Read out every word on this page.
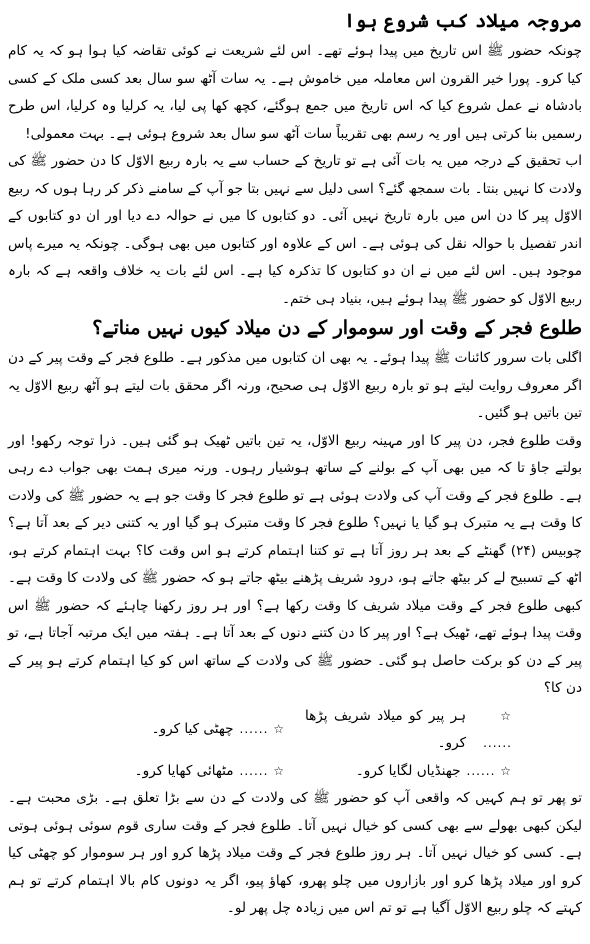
مروجہ میلاد کب شروع ہوا

چونکہ حضور ﷺ اس تاریخ میں پیدا ہوئے تھے۔ اس لئے شریعت نے کوئی تقاضہ کیا ہوا ہو کہ یہ کام کیا کرو۔ پورا خیر القرون اس معاملہ میں خاموش ہے۔ یہ سات آٹھ سو سال بعد کسی ملک کے کسی بادشاہ نے عمل شروع کیا کہ اس تاریخ میں جمع ہوگئے، کچھ کھا پی لیا، یہ کرلیا وہ کرلیا، اس طرح رسمیں بنا کرتی ہیں اور یہ رسم بھی تقریباً سات آٹھ سو سال بعد شروع ہوئی ہے۔ بہت معمولی!

اب تحقیق کے درجہ میں یہ بات آئی ہے تو تاریخ کے حساب سے یہ بارہ ربیع الاوّل کا دن حضور ﷺ کی ولادت کا نہیں بنتا۔ بات سمجھ گئے؟ اسی دلیل سے نہیں بتا جو آپ کے سامنے ذکر کر رہا ہوں کہ ربیع الاوّل پیر کا دن اس میں بارہ تاریخ نہیں آئی۔ دو کتابوں کا میں نے حوالہ دے دیا اور ان دو کتابوں کے اندر تفصیل با حوالہ نقل کی ہوئی ہے۔ اس کے علاوہ اور کتابوں میں بھی ہوگی۔ چونکہ یہ میرے پاس موجود ہیں۔ اس لئے میں نے ان دو کتابوں کا تذکرہ کیا ہے۔ اس لئے بات یہ خلاف واقعہ ہے کہ بارہ ربیع الاوّل کو حضور ﷺ پیدا ہوئے ہیں، بنیاد ہی ختم۔

طلوع فجر کے وقت اور سوموار کے دن میلاد کیوں نہیں مناتے؟

اگلی بات سرور کائنات ﷺ پیدا ہوئے۔ یہ بھی ان کتابوں میں مذکور ہے۔ طلوع فجر کے وقت پیر کے دن اگر معروف روایت لیتے ہو تو بارہ ربیع الاوّل ہی صحیح، ورنہ اگر محقق بات لیتے ہو آٹھ ربیع الاوّل یہ تین باتیں ہو گئیں۔

وقت طلوع فجر، دن پیر کا اور مہینہ ربیع الاوّل، یہ تین باتیں ٹھیک ہو گئی ہیں۔ ذرا توجہ رکھو! اور بولتے جاؤ تا کہ میں بھی آپ کے بولنے کے ساتھ ہوشیار رہوں۔ ورنہ میری ہمت بھی جواب دے رہی ہے۔ طلوع فجر کے وقت آپ کی ولادت ہوئی ہے تو طلوع فجر کا وقت جو ہے یہ حضور ﷺ کی ولادت کا وقت ہے یہ متبرک ہو گیا یا نہیں؟ طلوع فجر کا وقت متبرک ہو گیا اور یہ کتنی دیر کے بعد آتا ہے؟ چوبیس (۲۴) گھنٹے کے بعد ہر روز آتا ہے تو کتنا اہتمام کرتے ہو اس وقت کا؟ بہت اہتمام کرتے ہو، اٹھ کے تسبیح لے کر بیٹھ جاتے ہو، درود شریف پڑھنے بیٹھ جاتے ہو کہ حضور ﷺ کی ولادت کا وقت ہے۔ کبھی طلوع فجر کے وقت میلاد شریف کا وقت رکھا ہے؟ اور ہر روز رکھنا چاہئے کہ حضور ﷺ اس وقت پیدا ہوئے تھے، ٹھیک ہے؟ اور پیر کا دن کتنے دنوں کے بعد آتا ہے۔ ہفتہ میں ایک مرتبہ آجاتا ہے، تو پیر کے دن کو برکت حاصل ہو گئی۔ حضور ﷺ کی ولادت کے ساتھ اس کو کیا اہتمام کرتے ہو پیر کے دن کا؟

☆ ......
ہر پیر کو میلاد شریف پڑھا کرو۔
☆ ......
چھٹی کیا کرو۔
☆ ......
جھنڈیاں لگایا کرو۔
☆ ......
مٹھائی کھایا کرو۔

تو پھر تو ہم کہیں کہ واقعی آپ کو حضور ﷺ کی ولادت کے دن سے بڑا تعلق ہے۔ بڑی محبت ہے۔ لیکن کبھی بھولے سے بھی کسی کو خیال نہیں آتا۔ طلوع فجر کے وقت ساری قوم سوئی ہوئی ہوتی ہے۔ کسی کو خیال نہیں آتا۔ ہر روز طلوع فجر کے وقت میلاد پڑھا کرو اور ہر سوموار کو چھٹی کیا کرو اور میلاد پڑھا کرو اور بازاروں میں چلو پھرو، کھاؤ پیو، اگر یہ دونوں کام بالا اہتمام کرتے تو ہم کہتے کہ چلو ربیع الاوّل آگیا ہے تو تم اس میں زیادہ چل پھر لو۔
